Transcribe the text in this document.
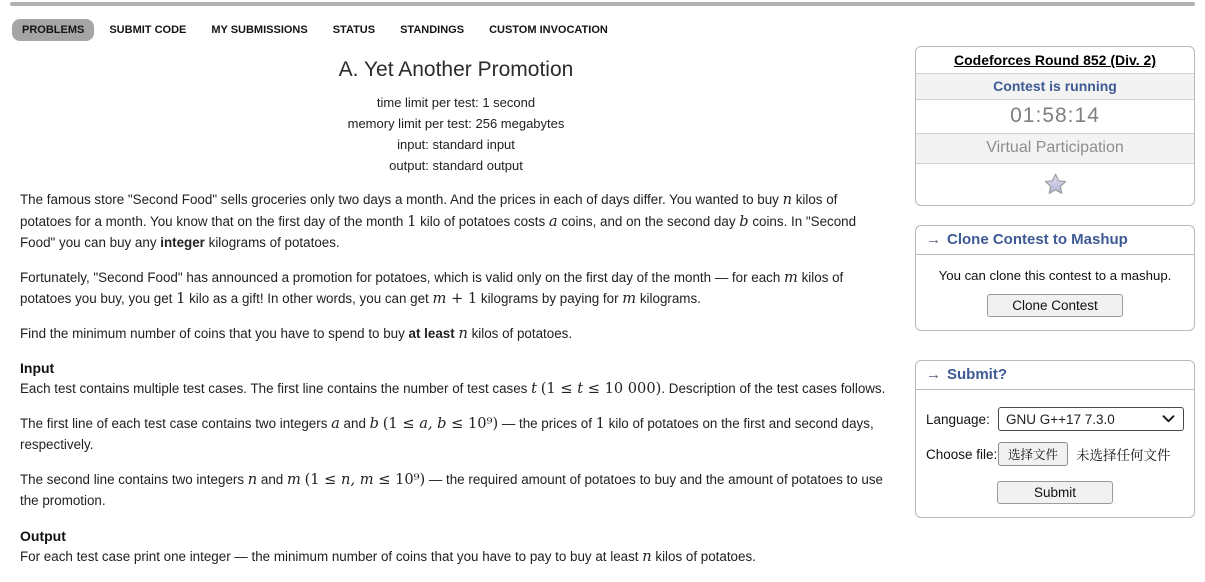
PROBLEMS	SUBMIT CODE	MY SUBMISSIONS	STATUS	STANDINGS	CUSTOM INVOCATION
A. Yet Another Promotion
time limit per test: 1 second
memory limit per test: 256 megabytes
input: standard input
output: standard output

The famous store "Second Food" sells groceries only two days a month. And the prices in each of days differ. You wanted to buy n kilos of potatoes for a month. You know that on the first day of the month 1 kilo of potatoes costs a coins, and on the second day b coins. In "Second Food" you can buy any integer kilograms of potatoes.

Fortunately, "Second Food" has announced a promotion for potatoes, which is valid only on the first day of the month — for each m kilos of potatoes you buy, you get 1 kilo as a gift! In other words, you can get m + 1 kilograms by paying for m kilograms.

Find the minimum number of coins that you have to spend to buy at least n kilos of potatoes.

Input

Each test contains multiple test cases. The first line contains the number of test cases t (1 ≤ t ≤ 10 000). Description of the test cases follows.

The first line of each test case contains two integers a and b (1 ≤ a, b ≤ 10⁹) — the prices of 1 kilo of potatoes on the first and second days, respectively.

The second line contains two integers n and m (1 ≤ n, m ≤ 10⁹) — the required amount of potatoes to buy and the amount of potatoes to use the promotion.

Output

For each test case print one integer — the minimum number of coins that you have to pay to buy at least n kilos of potatoes.

Codeforces Round 852 (Div. 2)
Contest is running
01:58:14
Virtual Participation
→ Clone Contest to Mashup
You can clone this contest to a mashup.
Clone Contest
→ Submit?
Language:	GNU G++17 7.3.0
Choose file: 选择文件	未选择任何文件
Submit
